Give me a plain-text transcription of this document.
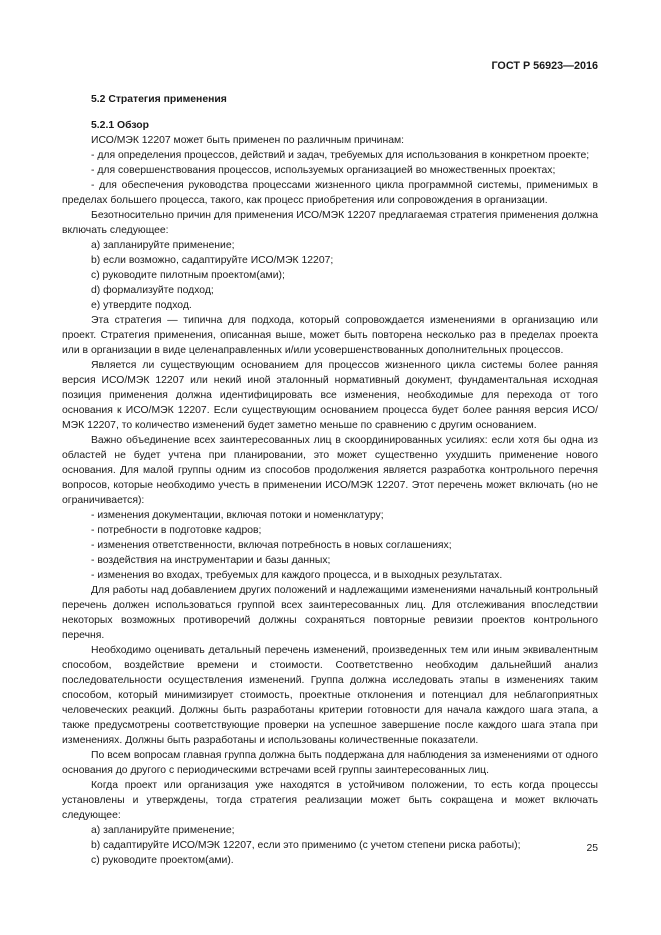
ГОСТ Р 56923—2016
5.2 Стратегия применения
5.2.1 Обзор

ИСО/МЭК 12207 может быть применен по различным причинам:

- для определения процессов, действий и задач, требуемых для использования в конкретном проекте;

- для совершенствования процессов, используемых организацией во множественных проектах;

- для обеспечения руководства процессами жизненного цикла программной системы, применимых в пределах большего процесса, такого, как процесс приобретения или сопровождения в организации.

Безотносительно причин для применения ИСО/МЭК 12207 предлагаемая стратегия применения должна включать следующее:

a) запланируйте применение;
b) если возможно, садаптируйте ИСО/МЭК 12207;
c) руководите пилотным проектом(ами);
d) формализуйте подход;
e) утвердите подход.

Эта стратегия — типична для подхода, который сопровождается изменениями в организацию или проект. Стратегия применения, описанная выше, может быть повторена несколько раз в пределах проекта или в организации в виде целенаправленных и/или усовершенствованных дополнительных процессов.

Является ли существующим основанием для процессов жизненного цикла системы более ранняя версия ИСО/МЭК 12207 или некий иной эталонный нормативный документ, фундаментальная исходная позиция применения должна идентифицировать все изменения, необходимые для перехода от того основания к ИСО/МЭК 12207. Если существующим основанием процесса будет более ранняя версия ИСО/МЭК 12207, то количество изменений будет заметно меньше по сравнению с другим основанием.

Важно объединение всех заинтересованных лиц в скоординированных усилиях: если хотя бы одна из областей не будет учтена при планировании, это может существенно ухудшить применение нового основания. Для малой группы одним из способов продолжения является разработка контрольного перечня вопросов, которые необходимо учесть в применении ИСО/МЭК 12207. Этот перечень может включать (но не ограничивается):

- изменения документации, включая потоки и номенклатуру;
- потребности в подготовке кадров;
- изменения ответственности, включая потребность в новых соглашениях;
- воздействия на инструментарии и базы данных;
- изменения во входах, требуемых для каждого процесса, и в выходных результатах.

Для работы над добавлением других положений и надлежащими изменениями начальный контрольный перечень должен использоваться группой всех заинтересованных лиц. Для отслеживания впоследствии некоторых возможных противоречий должны сохраняться повторные ревизии проектов контрольного перечня.

Необходимо оценивать детальный перечень изменений, произведенных тем или иным эквивалентным способом, воздействие времени и стоимости. Соответственно необходим дальнейший анализ последовательности осуществления изменений. Группа должна исследовать этапы в изменениях таким способом, который минимизирует стоимость, проектные отклонения и потенциал для неблагоприятных человеческих реакций. Должны быть разработаны критерии готовности для начала каждого шага этапа, а также предусмотрены соответствующие проверки на успешное завершение после каждого шага этапа при изменениях. Должны быть разработаны и использованы количественные показатели.

По всем вопросам главная группа должна быть поддержана для наблюдения за изменениями от одного основания до другого с периодическими встречами всей группы заинтересованных лиц.

Когда проект или организация уже находятся в устойчивом положении, то есть когда процессы установлены и утверждены, тогда стратегия реализации может быть сокращена и может включать следующее:

a) запланируйте применение;
b) садаптируйте ИСО/МЭК 12207, если это применимо (с учетом степени риска работы);
c) руководите проектом(ами).
25
